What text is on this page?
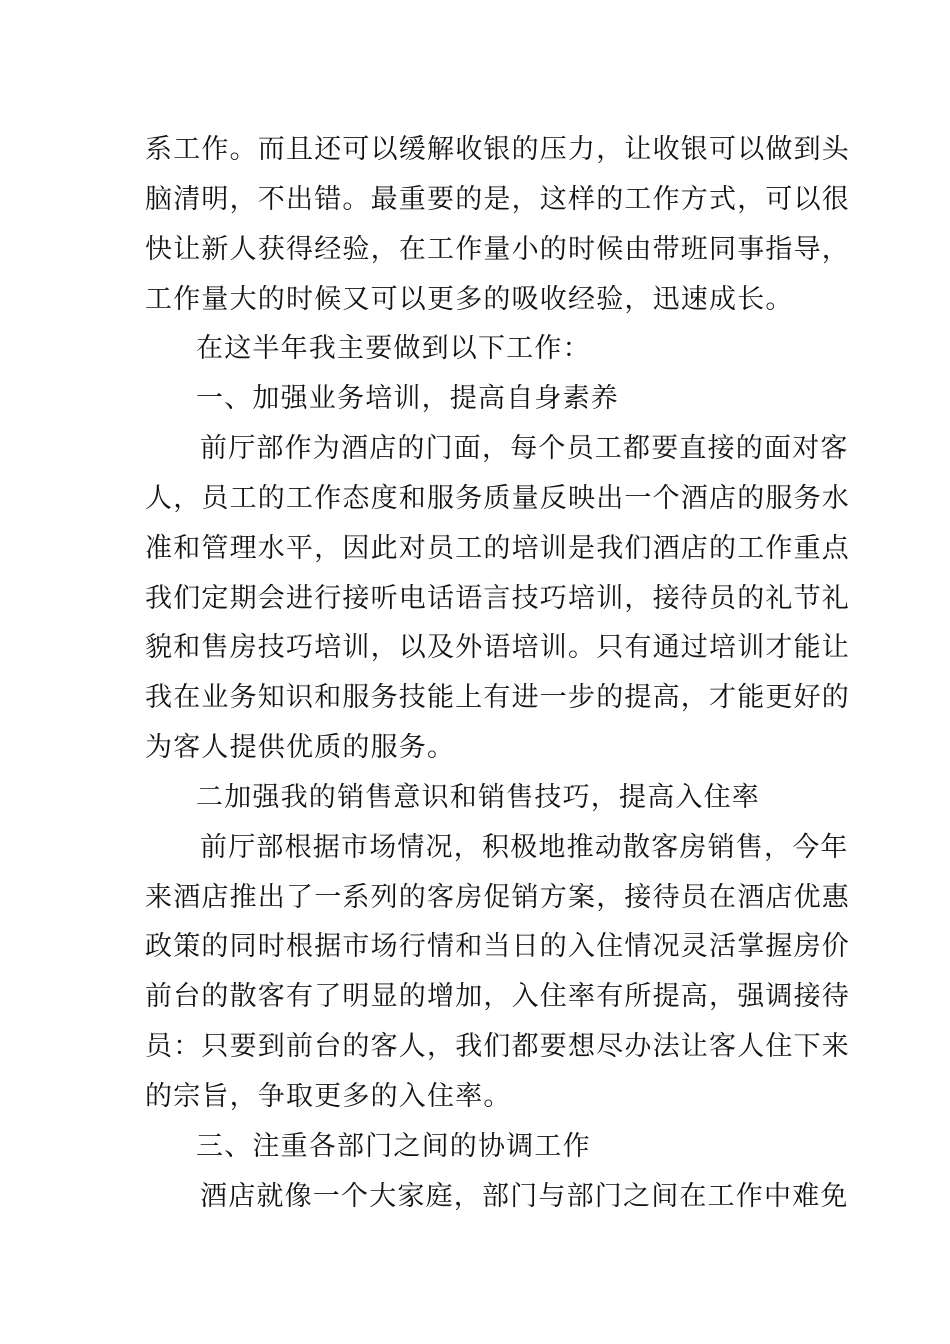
系工作。而且还可以缓解收银的压力，让收银可以做到头
脑清明，不出错。最重要的是，这样的工作方式，可以很
快让新人获得经验，在工作量小的时候由带班同事指导，
工作量大的时候又可以更多的吸收经验，迅速成长。
在这半年我主要做到以下工作：
一、加强业务培训，提高自身素养
前厅部作为酒店的门面，每个员工都要直接的面对客
人，员工的工作态度和服务质量反映出一个酒店的服务水
准和管理水平，因此对员工的培训是我们酒店的工作重点
我们定期会进行接听电话语言技巧培训，接待员的礼节礼
貌和售房技巧培训，以及外语培训。只有通过培训才能让
我在业务知识和服务技能上有进一步的提高，才能更好的
为客人提供优质的服务。
二加强我的销售意识和销售技巧，提高入住率
前厅部根据市场情况，积极地推动散客房销售，今年
来酒店推出了一系列的客房促销方案，接待员在酒店优惠
政策的同时根据市场行情和当日的入住情况灵活掌握房价
前台的散客有了明显的增加，入住率有所提高，强调接待
员：只要到前台的客人，我们都要想尽办法让客人住下来
的宗旨，争取更多的入住率。
三、注重各部门之间的协调工作
酒店就像一个大家庭，部门与部门之间在工作中难免
